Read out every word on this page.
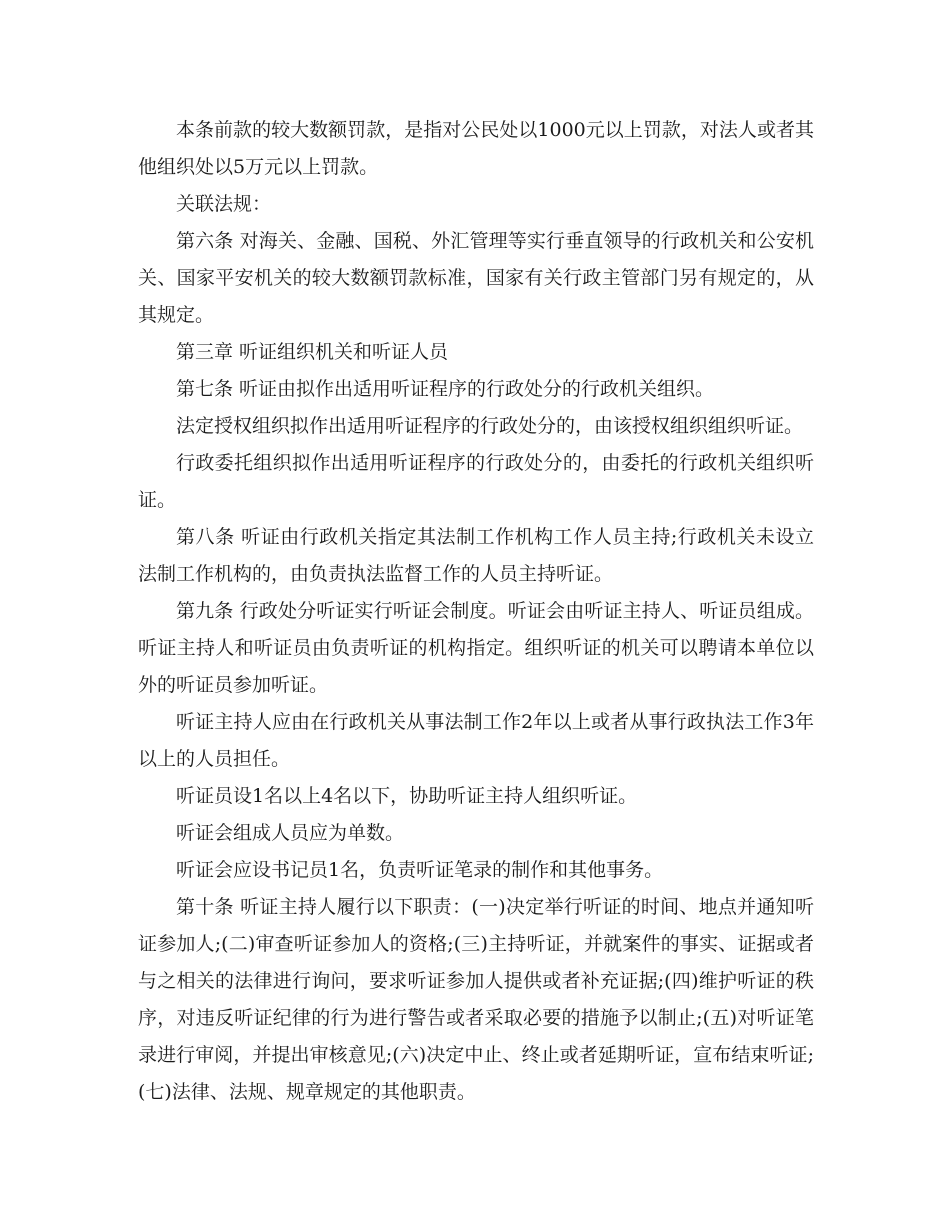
本条前款的较大数额罚款，是指对公民处以1000元以上罚款，对法人或者其他组织处以5万元以上罚款。

关联法规：

第六条 对海关、金融、国税、外汇管理等实行垂直领导的行政机关和公安机关、国家平安机关的较大数额罚款标准，国家有关行政主管部门另有规定的，从其规定。

第三章 听证组织机关和听证人员

第七条 听证由拟作出适用听证程序的行政处分的行政机关组织。

法定授权组织拟作出适用听证程序的行政处分的，由该授权组织组织听证。

行政委托组织拟作出适用听证程序的行政处分的，由委托的行政机关组织听证。

第八条 听证由行政机关指定其法制工作机构工作人员主持;行政机关未设立法制工作机构的，由负责执法监督工作的人员主持听证。

第九条 行政处分听证实行听证会制度。听证会由听证主持人、听证员组成。听证主持人和听证员由负责听证的机构指定。组织听证的机关可以聘请本单位以外的听证员参加听证。

听证主持人应由在行政机关从事法制工作2年以上或者从事行政执法工作3年以上的人员担任。

听证员设1名以上4名以下，协助听证主持人组织听证。

听证会组成人员应为单数。

听证会应设书记员1名，负责听证笔录的制作和其他事务。

第十条 听证主持人履行以下职责：(一)决定举行听证的时间、地点并通知听证参加人;(二)审查听证参加人的资格;(三)主持听证，并就案件的事实、证据或者与之相关的法律进行询问，要求听证参加人提供或者补充证据;(四)维护听证的秩序，对违反听证纪律的行为进行警告或者采取必要的措施予以制止;(五)对听证笔录进行审阅，并提出审核意见;(六)决定中止、终止或者延期听证，宣布结束听证;(七)法律、法规、规章规定的其他职责。
